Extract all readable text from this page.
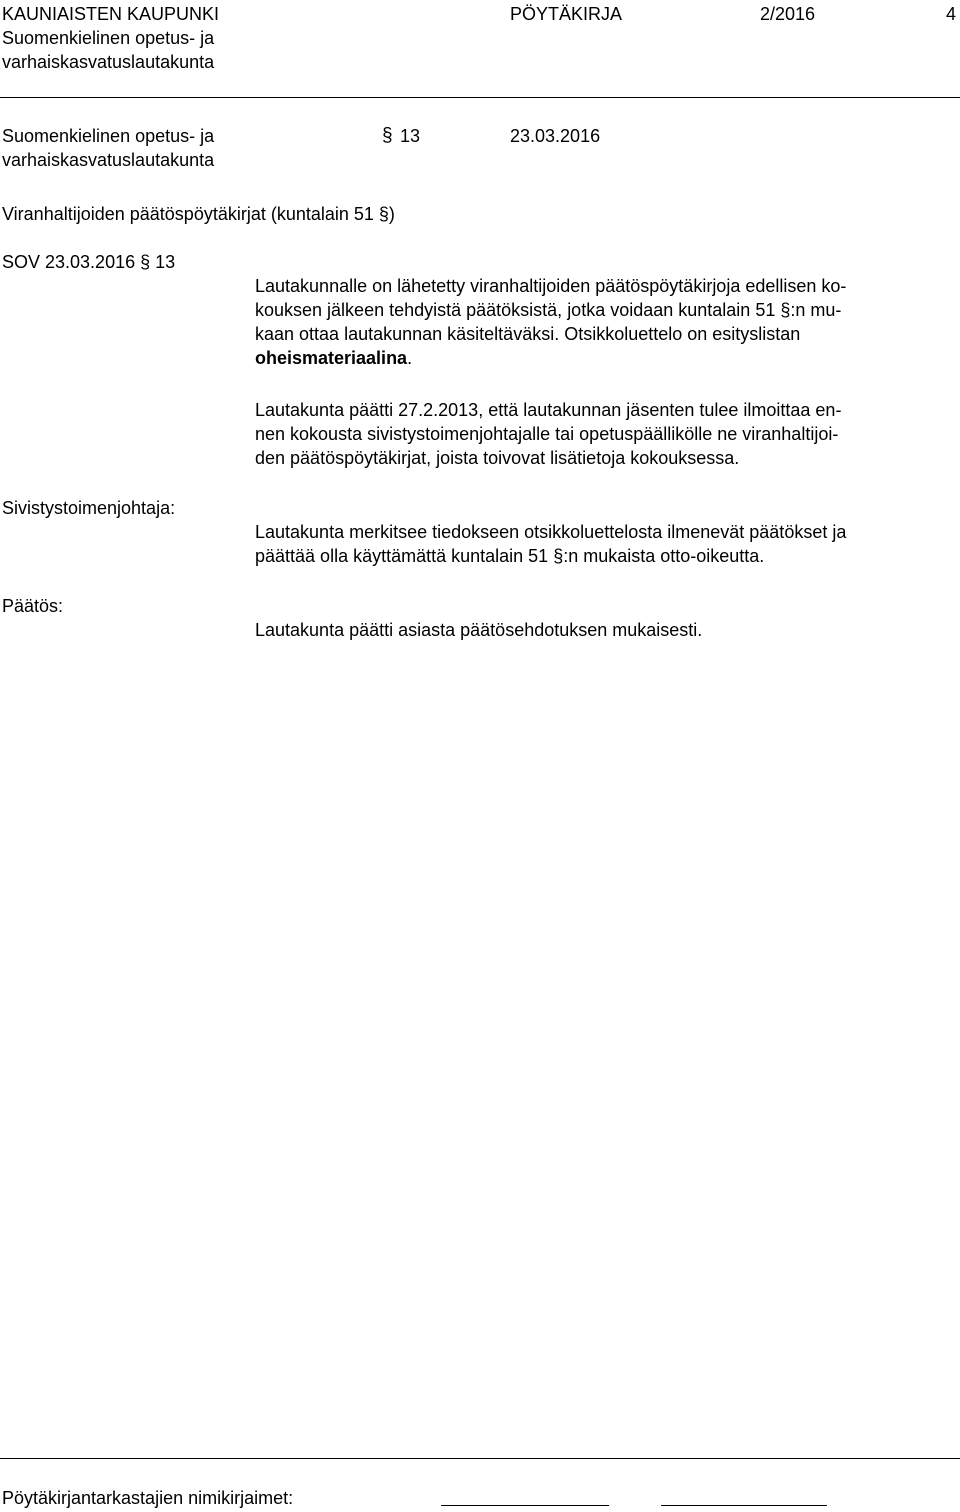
KAUNIAISTEN KAUPUNKI
Suomenkielinen opetus- ja
varhaiskasvatuslautakunta
PÖYTÄKIRJA	2/2016	4
Suomenkielinen opetus- ja
varhaiskasvatuslautakunta
§ 13	23.03.2016
Viranhaltijoiden päätöspöytäkirjat (kuntalain 51 §)
SOV 23.03.2016 § 13
Lautakunnalle on lähetetty viranhaltijoiden päätöspöytäkirjoja edellisen ko-
kouksen jälkeen tehdyistä päätöksistä, jotka voidaan kuntalain 51 §:n mu-
kaan ottaa lautakunnan käsiteltäväksi. Otsikkoluettelo on esityslistan
oheismateriaalina.
Lautakunta päätti 27.2.2013, että lautakunnan jäsenten tulee ilmoittaa en-
nen kokousta sivistystoimenjohtajalle tai opetuspäällikölle ne viranhaltijoi-
den päätöspöytäkirjat, joista toivovat lisätietoja kokouksessa.
Sivistystoimenjohtaja:
Lautakunta merkitsee tiedokseen otsikkoluettelosta ilmenevät päätökset ja
päättää olla käyttämättä kuntalain 51 §:n mukaista otto-oikeutta.
Päätös:
Lautakunta päätti asiasta päätösehdotuksen mukaisesti.
Pöytäkirjantarkastajien nimikirjaimet:
